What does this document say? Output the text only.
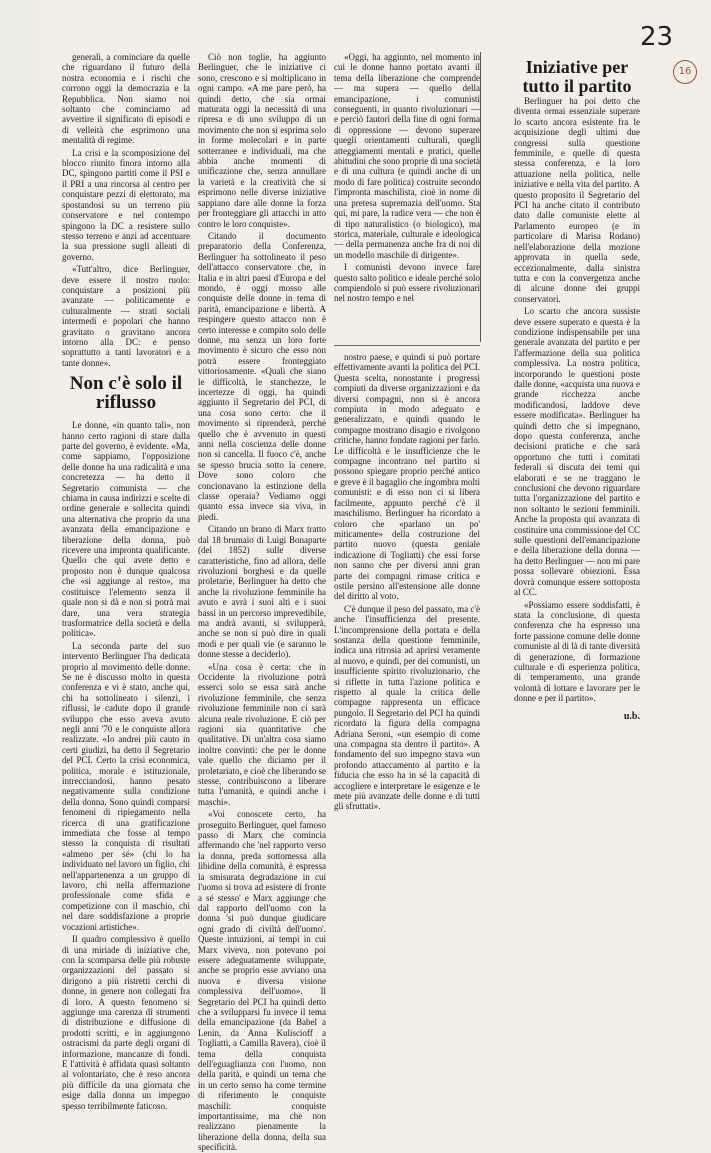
23
16

generali, a cominciare da quelle che riguardano il futuro della nostra economia e i rischi che corrono oggi la democrazia e la Repubblica. Non siamo noi soltanto che cominciamo ad avvertire il significato di episodi e di velleità che esprimono una mentalità di regime.

La crisi e la scomposizione del blocco riunito finora intorno alla DC, spingono partiti come il PSI e il PRI a una rincorsa al centro per conquistare pezzi di elettorato, ma spostandosi su un terreno più conservatore e nel contempo spingono la DC a resistere sullo stesso terreno e anzi ad accentuare la sua pressione sugli alleati di governo.

«Tutt'altro, dice Berlinguer, deve essere il nostro ruolo: conquistare a posizioni più avanzate — politicamente e culturalmente — strati sociali intermedi e popolari che hanno gravitato o gravitano ancora intorno alla DC: e penso soprattutto a tanti lavoratori e a tante donne».

Non c'è solo il riflusso

Le donne, «in quanto tali», non hanno certo ragioni di stare dalla parte del governo, è evidente. «Ma, come sappiamo, l'opposizione delle donne ha una radicalità e una concretezza — ha detto il Segretario comunista — che chiama in causa indirizzi e scelte di ordine generale e sollecita quindi una alternativa che proprio da una avanzata della emancipazione e liberazione della donna, può ricevere una impronta qualificante. Quello che qui avete detto e proposto non è dunque qualcosa che «si aggiunge al resto», ma costituisce l'elemento senza il quale non si dà e non si potrà mai dare, una vera strategia trasformatrice della società e della politica».

La seconda parte del suo intervento Berlinguer l'ha dedicata proprio al movimento delle donne. Se ne è discusso molto in questa conferenza e vi è stato, anche qui, chi ha sottolineato i silenzi, i riflussi, le cadute dopo il grande sviluppo che esso aveva avuto negli anni '70 e le conquiste allora realizzate. «Io andrei più cauto in certi giudizi, ha detto il Segretario del PCI. Certo la crisi economica, politica, morale e istituzionale, intrecciandosi, hanno pesato negativamente sulla condizione della donna. Sono quindi comparsi fenomeni di ripiegamento nella ricerca di una gratificazione immediata che fosse al tempo stesso la conquista di risultati «almeno per sé» (chi lo ha individuato nel lavoro un figlio, chi nell'appartenenza a un gruppo di lavoro, chi nella affermazione professionale come sfida e competizione con il maschio, chi nel dare soddisfazione a proprie vocazioni artistiche».

Il quadro complessivo è quello di una miriade di iniziative che, con la scomparsa delle più robuste organizzazioni del passato si dirigono a più ristretti cerchi di donne, in genere non collegati fra di loro. A questo fenomeno si aggiunge una carenza di strumenti di distribuzione e diffusione di prodotti scritti, e in aggiungono ostracismi da parte degli organi di informazione, mancanze di fondi. E l'attività è affidata quasi soltanto al volontariato, che è reso ancora più difficile da una giornata che esige dalla donna un impegno spesso terribilmente faticoso.

Ciò non toglie, ha aggiunto Berlinguer, che le iniziative ci sono, crescono e si moltiplicano in ogni campo. «A me pare però, ha quindi detto, che sia ormai maturata oggi la necessità di una ripresa e di uno sviluppo di un movimento che non si esprima solo in forme molecolari e in parte sotterranee e individuali, ma che abbia anche momenti di unificazione che, senza annullare la varietà e la creatività che si esprimono nelle diverse iniziative sappiano dare alle donne la forza per fronteggiare gli attacchi in atto contro le loro conquiste».

Citando il documento preparatorio della Conferenza, Berlinguer ha sottolineato il peso dell'attacco conservatore che, in Italia e in altri paesi d'Europa e del mondo, è oggi mosso alle conquiste delle donne in tema di parità, emancipazione e libertà. A respingere questo attacco non è certo interesse e compito solo delle donne, ma senza un loro forte movimento è sicuro che esso non potrà essere fronteggiato vittoriosamente. «Quali che siano le difficoltà, le stanchezze, le incertezze di oggi, ha quindi aggiunto il Segretario del PCI, di una cosa sono certo: che il movimento si riprenderà, perché quello che è avvenuto in questi anni nella coscienza delle donne non si cancella. Il fuoco c'è, anche se spesso brucia sotto la cenere. Dove sono coloro che concionavano la estinzione della classe operaia? Vediamo oggi quanto essa invece sia viva, in piedi.

Citando un brano di Marx tratto dal 18 brumaio di Luigi Bonaparte (del 1852) sulle diverse caratteristiche, fino ad allora, delle rivoluzioni borghesi e da quelle proletarie, Berlinguer ha detto che anche la rivoluzione femminile ha avuto e avrà i suoi alti e i suoi bassi in un percorso imprevedibile, ma andrà avanti, si svilupperà, anche se non si può dire in quali modi e per quali vie (e saranno le donne stesse a deciderlo).

«Una cosa è certa: che in Occidente la rivoluzione potrà esserci solo se essa sarà anche rivoluzione femminile, che senza rivoluzione femminile non ci sarà alcuna reale rivoluzione. E ciò per ragioni sia quantitative che qualitative. Di un'altra cosa siamo inoltre convinti: che per le donne vale quello che diciamo per il proletariato, e cioè che liberando se stesse, contribuiscono a liberare tutta l'umanità, e quindi anche i maschi».

«Voi conoscete certo, ha proseguito Berlinguer, quel famoso passo di Marx che comincia affermando che 'nel rapporto verso la donna, preda sottomessa alla libidine della comunità, è espressa la smisurata degradazione in cui l'uomo si trova ad esistere di fronte a sé stesso' e Marx aggiunge che dal rapporto dell'uomo con la donna 'si può dunque giudicare ogni grado di civiltà dell'uomo'. Queste intuizioni, ai tempi in cui Marx viveva, non potevano poi essere adeguatamente sviluppate, anche se proprio esse avviano una nuova e diversa visione complessiva dell'uomo». Il Segretario del PCI ha quindi detto che a svilupparsi fu invece il tema della emancipazione (da Babel a Lenin, da Anna Kuliscioff a Togliatti, a Camilla Ravera), cioè il tema della conquista dell'eguaglianza con l'uomo, non della parità, e quindi un tema che in un certo senso ha come termine di riferimento le conquiste maschili: conquiste importantissime, ma che non realizzano pienamente la liberazione della donna, della sua specificità.

«Oggi, ha aggiunto, nel momento in cui le donne hanno portato avanti il tema della liberazione che comprende — ma supera — quello della emancipazione, i comunisti conseguenti, in quanto rivoluzionari — e perciò fautori della fine di ogni forma di oppressione — devono superare quegli orientamenti culturali, quegli atteggiamenti mentali e pratici, quelle abitudini che sono proprie di una società e di una cultura (e quindi anche di un modo di fare politica) costruite secondo l'impronta maschilista, cioè in nome di una pretesa supremazia dell'uomo. Sta qui, mi pare, la radice vera — che non è di tipo naturalistico (o biologico), ma storica, materiale, culturale e ideologica — della permanenza anche fra di noi di un modello maschile di dirigente».

I comunisti devono invece fare questo salto politico e ideale perché solo compiendolo si può essere rivoluzionari nel nostro tempo e nel

nostro paese, e quindi si può portare effettivamente avanti la politica del PCI. Questa scelta, nonostante i progressi compiuti da diverse organizzazioni e da diversi compagni, non si è ancora compiuta in modo adeguato e generalizzato, e quindi quando le compagne mostrano disagio e rivolgono critiche, hanno fondate ragioni per farlo. Le difficoltà e le insufficienze che le compagne incontrano nel partito si possono spiegare proprio perché antico e greve è il bagaglio che ingombra molti comunisti: e di esso non ci si libera facilmente, appunto perché c'è il maschilismo. Berlinguer ha ricordato a coloro che «parlano un po' miticamente» della costruzione del partito nuovo (questa geniale indicazione di Togliatti) che essi forse non sanno che per diversi anni gran parte dei compagni rimase critica e ostile persino all'estensione alle donne del diritto al voto.

C'è dunque il peso del passato, ma c'è anche l'insufficienza del presente. L'incomprensione della portata e della sostanza della questione femminile, indica una ritrosia ad aprirsi veramente al nuovo, e quindi, per dei comunisti, un insufficiente spirito rivoluzionario, che si riflette in tutta l'azione politica e rispetto al quale la critica delle compagne rappresenta un efficace pungolo. Il Segretario del PCI ha quindi ricordato la figura della compagna Adriana Seroni, «un esempio di come una compagna sta dentro il partito». A fondamento del suo impegno stava «un profondo attaccamento al partito e la fiducia che esso ha in sé la capacità di accogliere e interpretare le esigenze e le mete più avanzate delle donne e di tutti gli sfruttati».

Iniziative per tutto il partito

Berlinguer ha poi detto che diventa ormai essenziale superare lo scarto ancora esistente fra le acquisizione degli ultimi due congressi sulla questione femminile, e quelle di questa stessa conferenza, e la loro attuazione nella politica, nelle iniziative e nella vita del partito. A questo proposito il Segretario del PCI ha anche citato il contributo dato dalle comuniste elette al Parlamento europeo (e in particolare di Marisa Rodano) nell'elaborazione della mozione approvata in quella sede, eccezionalmente, dalla sinistra tutta e con la convergenza anche di alcune donne dei gruppi conservatori.

Lo scarto che ancora sussiste deve essere superato e questa è la condizione indispensabile per una generale avanzata del partito e per l'affermazione della sua politica complessiva. La nostra politica, incorporando le questioni poste dalle donne, «acquista una nuova e grande ricchezza anche modificandosi, laddove deve essere modificata». Berlinguer ha quindi detto che si impegnano, dopo questa conferenza, anche decisioni pratiche e che sarà opportuno che tutti i comitati federali si discuta dei temi qui elaborati e se ne traggano le conclusioni che devono riguardare tutta l'organizzazione del partito e non soltanto le sezioni femminili. Anche la proposta qui avanzata di costituire una commissione del CC sulle questioni dell'emancipazione e della liberazione della donna — ha detto Berlinguer — non mi pare possa sollevare obiezioni. Essa dovrà comunque essere sottoposta al CC.

«Possiamo essere soddisfatti, è stata la conclusione, di questa conferenza che ha espresso una forte passione comune delle donne comuniste al di là di tante diversità di generazione, di formazione culturale e di esperienza politica, di temperamento, una grande volontà di lottare e lavorare per le donne e per il partito».

u.b.
